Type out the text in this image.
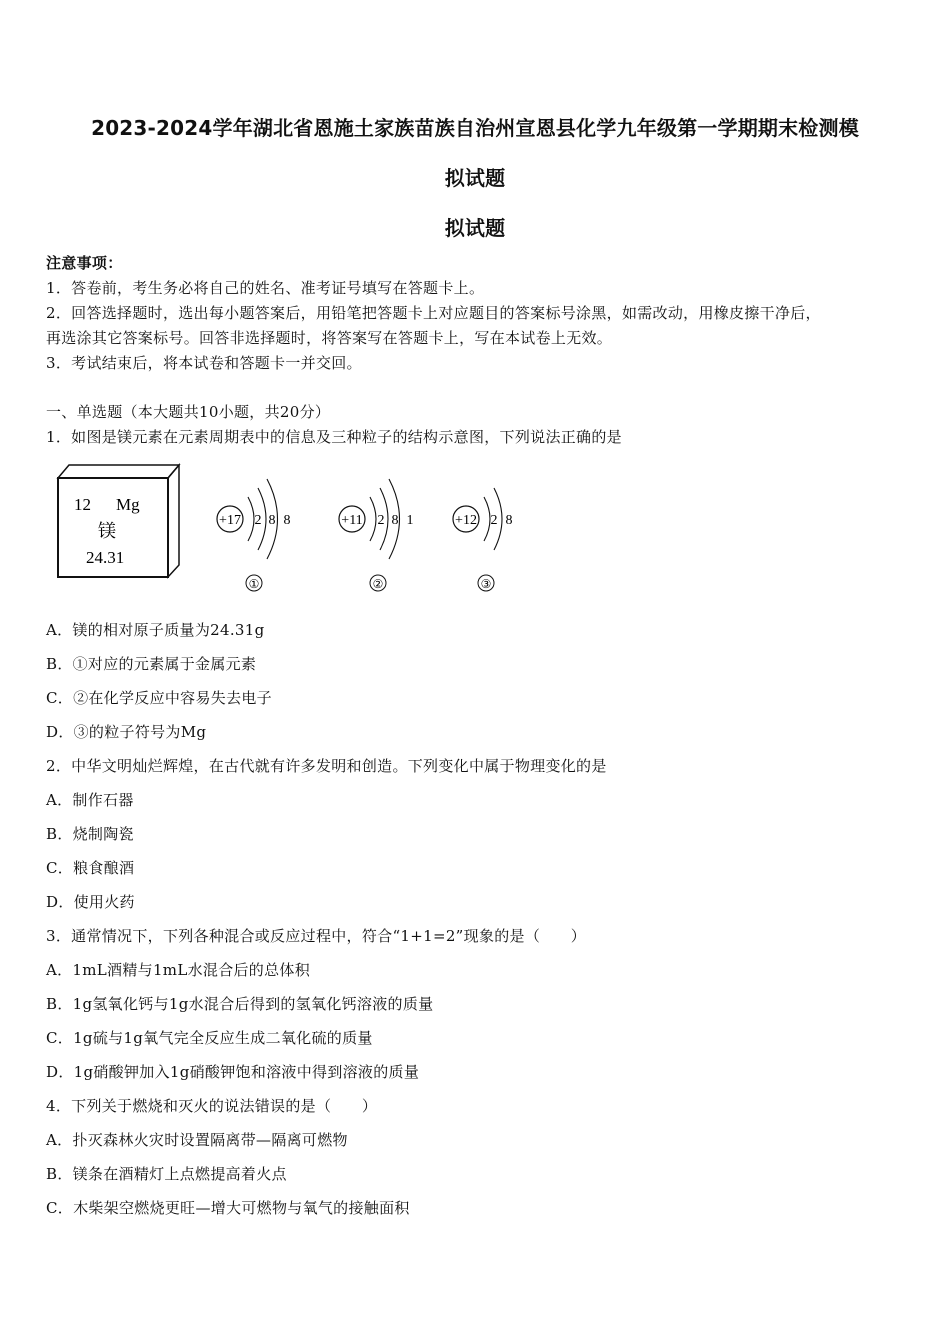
2023-2024学年湖北省恩施土家族苗族自治州宣恩县化学九年级第一学期期末检测模
拟试题
拟试题
注意事项：
1．答卷前，考生务必将自己的姓名、准考证号填写在答题卡上。
2．回答选择题时，选出每小题答案后，用铅笔把答题卡上对应题目的答案标号涂黑，如需改动，用橡皮擦干净后，
再选涂其它答案标号。回答非选择题时，将答案写在答题卡上，写在本试卷上无效。
3．考试结束后，将本试卷和答题卡一并交回。
一、单选题（本大题共10小题，共20分）
1．如图是镁元素在元素周期表中的信息及三种粒子的结构示意图，下列说法正确的是
12 Mg
镁
24.31
+17 2 8 8
①
+11 2 8 1
②
+12 2 8
③
A．镁的相对原子质量为24.31g
B．①对应的元素属于金属元素
C．②在化学反应中容易失去电子
D．③的粒子符号为Mg
2．中华文明灿烂辉煌，在古代就有许多发明和创造。下列变化中属于物理变化的是
A．制作石器
B．烧制陶瓷
C．粮食酿酒
D．使用火药
3．通常情况下，下列各种混合或反应过程中，符合“1+1=2”现象的是（　　）
A．1mL酒精与1mL水混合后的总体积
B．1g氢氧化钙与1g水混合后得到的氢氧化钙溶液的质量
C．1g硫与1g氧气完全反应生成二氧化硫的质量
D．1g硝酸钾加入1g硝酸钾饱和溶液中得到溶液的质量
4．下列关于燃烧和灭火的说法错误的是（　　）
A．扑灭森林火灾时设置隔离带—隔离可燃物
B．镁条在酒精灯上点燃提高着火点
C．木柴架空燃烧更旺—增大可燃物与氧气的接触面积
